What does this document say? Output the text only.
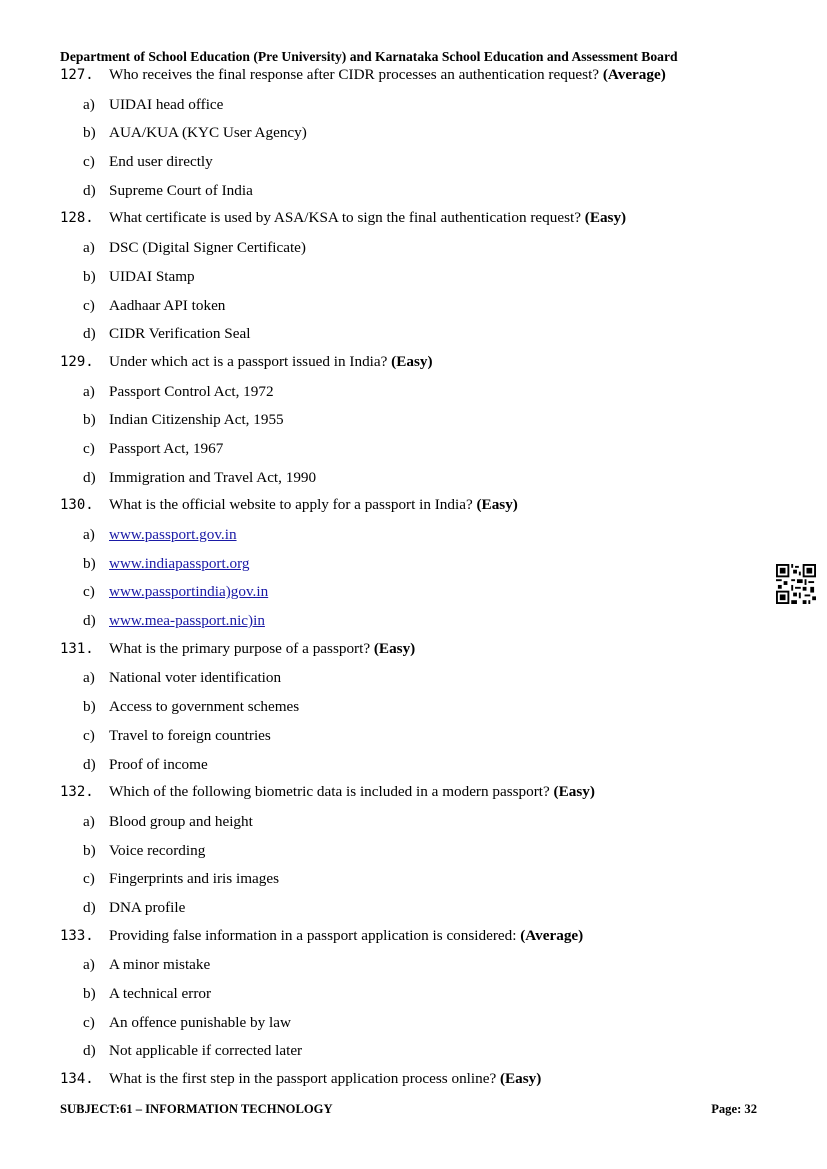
Department of School Education (Pre University) and Karnataka School Education and Assessment Board
127. Who receives the final response after CIDR processes an authentication request? (Average)
a) UIDAI head office
b) AUA/KUA (KYC User Agency)
c) End user directly
d) Supreme Court of India
128. What certificate is used by ASA/KSA to sign the final authentication request? (Easy)
a) DSC (Digital Signer Certificate)
b) UIDAI Stamp
c) Aadhaar API token
d) CIDR Verification Seal
129. Under which act is a passport issued in India? (Easy)
a) Passport Control Act, 1972
b) Indian Citizenship Act, 1955
c) Passport Act, 1967
d) Immigration and Travel Act, 1990
130. What is the official website to apply for a passport in India? (Easy)
a) www.passport.gov.in
b) www.indiapassport.org
c) www.passportindia)gov.in
d) www.mea-passport.nic)in
131. What is the primary purpose of a passport? (Easy)
a) National voter identification
b) Access to government schemes
c) Travel to foreign countries
d) Proof of income
132. Which of the following biometric data is included in a modern passport? (Easy)
a) Blood group and height
b) Voice recording
c) Fingerprints and iris images
d) DNA profile
133. Providing false information in a passport application is considered: (Average)
a) A minor mistake
b) A technical error
c) An offence punishable by law
d) Not applicable if corrected later
134. What is the first step in the passport application process online? (Easy)
SUBJECT:61 – INFORMATION TECHNOLOGY	Page: 32
